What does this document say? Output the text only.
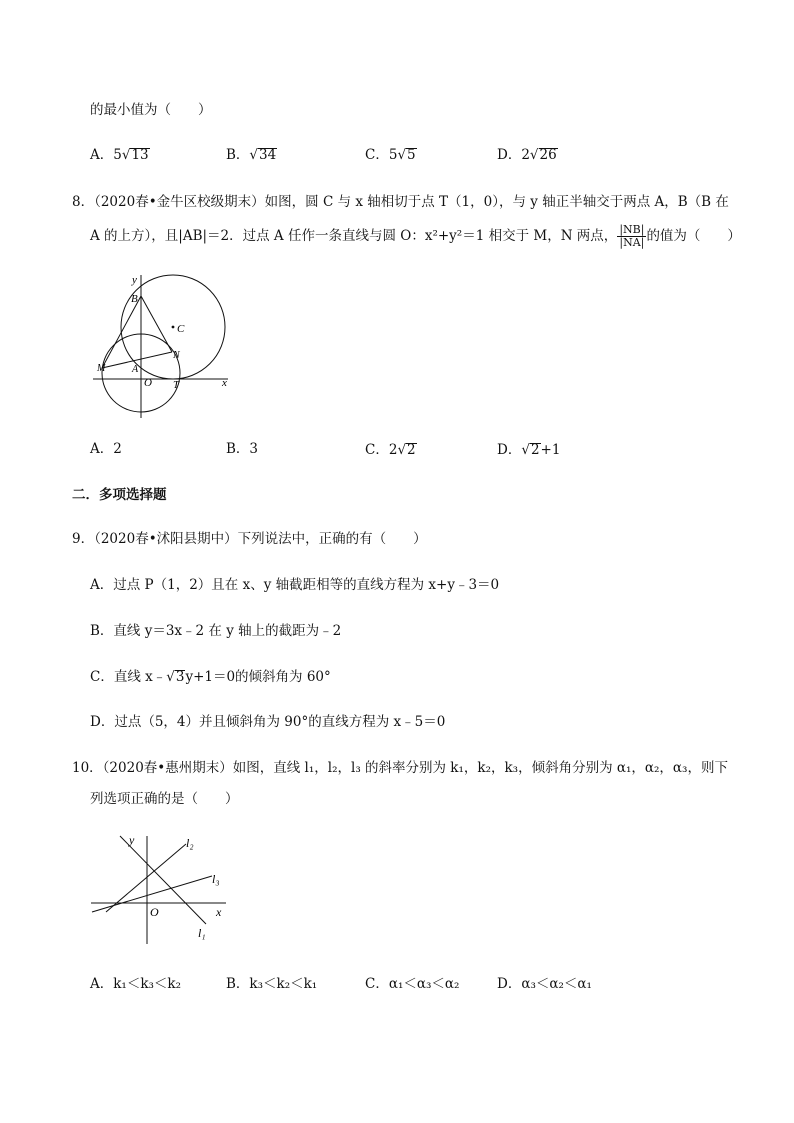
的最小值为（　　）
A．5√13	B．√34	C．5√5	D．2√26
8．（2020春•金牛区校级期末）如图，圆 C 与 x 轴相切于点 T（1，0），与 y 轴正半轴交于两点 A，B（B 在
A 的上方），且|AB|＝2．过点 A 任作一条直线与圆 O：x²+y²＝1 相交于 M，N 两点， $\frac{|NB|}{|NA|}$ 的值为（　　）
y
x
B
C
N
M	A
O T
A．2	B．3	C．2√2	D．√2+1
二．多项选择题
9．（2020春•沭阳县期中）下列说法中，正确的有（　　）
A．过点 P（1，2）且在 x、y 轴截距相等的直线方程为 x+y﹣3＝0
B．直线 y＝3x﹣2 在 y 轴上的截距为﹣2
C．直线 x﹣√3y+1＝0的倾斜角为 60°
D．过点（5，4）并且倾斜角为 90°的直线方程为 x﹣5＝0
10．（2020春•惠州期末）如图，直线 l₁，l₂，l₃ 的斜率分别为 k₁，k₂，k₃，倾斜角分别为 α₁，α₂，α₃，则下
列选项正确的是（　　）
y
x
O
l₂
l₃
l₁
A．k₁＜k₃＜k₂	B．k₃＜k₂＜k₁	C．α₁＜α₃＜α₂	D．α₃＜α₂＜α₁
